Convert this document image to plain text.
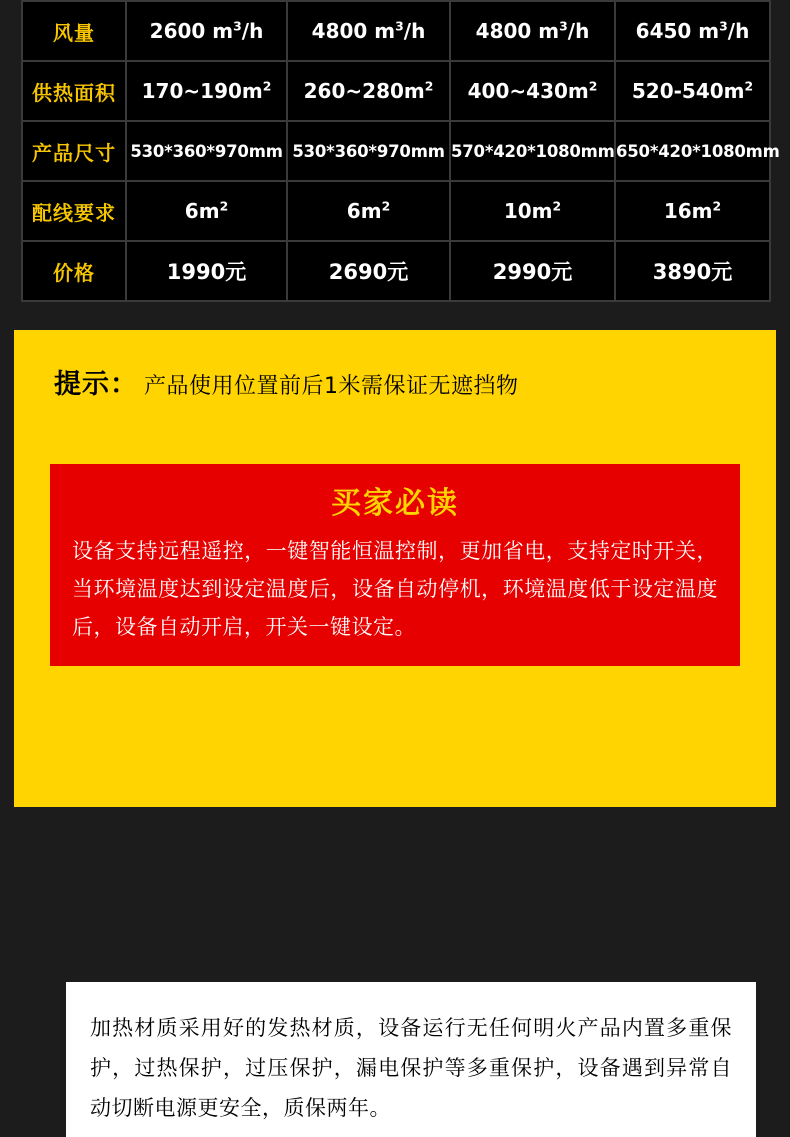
风量	2600 $m^3/h$	4800 $m^3/h$	4800 $m^3/h$	6450 $m^3/h$
供热面积	$170\sim 190m^2$	$260\sim 280m^2$	$400\sim 430m^2$	$520-540m^2$
产品尺寸	530*360*970mm	530*360*970mm	570*420*1080mm	650*420*1080mm
配线要求	$6m^2$	$6m^2$	$10m^2$	$16m^2$
价格	1990元	2690元	2990元	3890元
提示： 产品使用位置前后1米需保证无遮挡物
买家必读
设备支持远程遥控，一键智能恒温控制，更加省电，支持定时开关，当环境温度达到设定温度后，设备自动停机，环境温度低于设定温度后，设备自动开启，开关一键设定。
加热材质采用好的发热材质，设备运行无任何明火产品内置多重保护，过热保护，过压保护，漏电保护等多重保护，设备遇到异常自动切断电源更安全，质保两年。
